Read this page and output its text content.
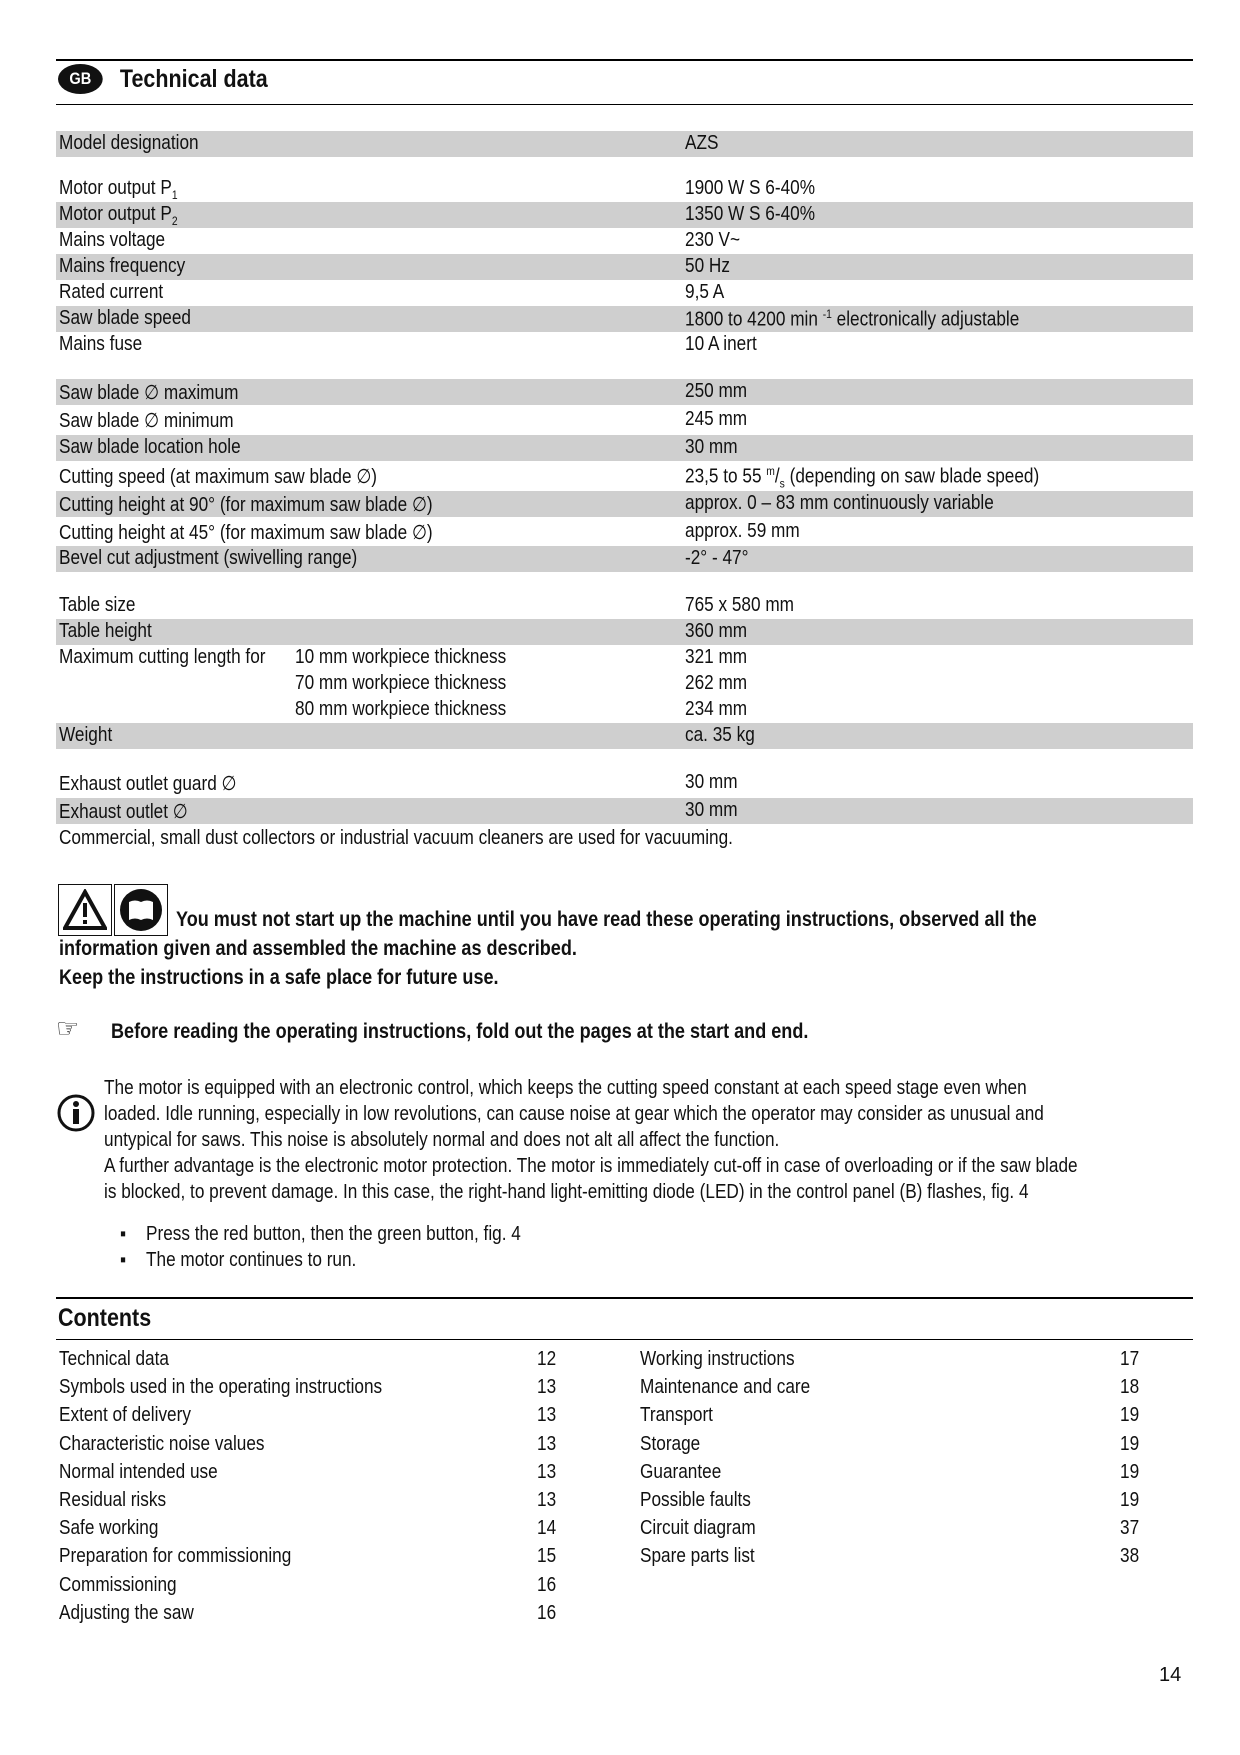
GB	Technical data
Model designation	AZS
Motor output $P_1$	1900 W S 6-40%
Motor output $P_2$	1350 W S 6-40%
Mains voltage	230 V~
Mains frequency	50 Hz
Rated current	9,5 A
Saw blade speed	1800 to 4200 min $^{-1}$ electronically adjustable
Mains fuse	10 A inert
Saw blade ∅ maximum	250 mm
Saw blade ∅ minimum	245 mm
Saw blade location hole	30 mm
Cutting speed (at maximum saw blade ∅)	23,5 to 55 $^m/_s$ (depending on saw blade speed)
Cutting height at 90° (for maximum saw blade ∅)	approx. 0 – 83 mm continuously variable
Cutting height at 45° (for maximum saw blade ∅)	approx. 59 mm
Bevel cut adjustment (swivelling range)	-2° - 47°
Table size	765 x 580 mm
Table height	360 mm
Maximum cutting length for 10 mm workpiece thickness	321 mm
70 mm workpiece thickness	262 mm
80 mm workpiece thickness	234 mm
Weight	ca. 35 kg
Exhaust outlet guard ∅	30 mm
Exhaust outlet ∅	30 mm
Commercial, small dust collectors or industrial vacuum cleaners are used for vacuuming.
You must not start up the machine until you have read these operating instructions, observed all the
information given and assembled the machine as described.
Keep the instructions in a safe place for future use.
☞ Before reading the operating instructions, fold out the pages at the start and end.
The motor is equipped with an electronic control, which keeps the cutting speed constant at each speed stage even when
loaded. Idle running, especially in low revolutions, can cause noise at gear which the operator may consider as unusual and
untypical for saws. This noise is absolutely normal and does not alt all affect the function.
A further advantage is the electronic motor protection. The motor is immediately cut-off in case of overloading or if the saw blade
is blocked, to prevent damage. In this case, the right-hand light-emitting diode (LED) in the control panel (B) flashes, fig. 4
▪ Press the red button, then the green button, fig. 4
▪ The motor continues to run.
Contents
Technical data	12
Symbols used in the operating instructions	13
Extent of delivery	13
Characteristic noise values	13
Normal intended use	13
Residual risks	13
Safe working	14
Preparation for commissioning	15
Commissioning	16
Adjusting the saw	16
Working instructions	17
Maintenance and care	18
Transport	19
Storage	19
Guarantee	19
Possible faults	19
Circuit diagram	37
Spare parts list	38
14
